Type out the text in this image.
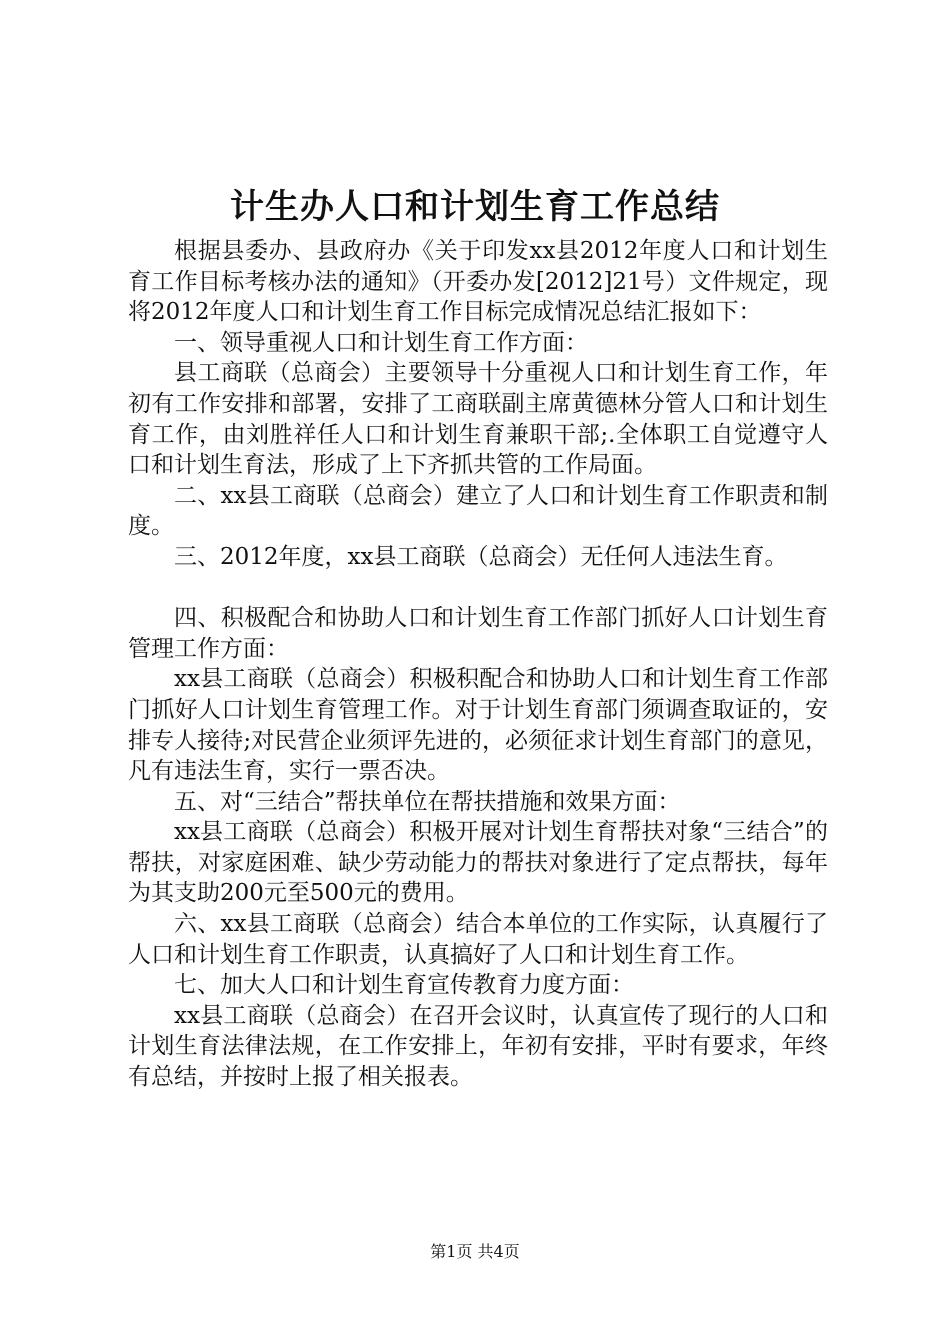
计生办人口和计划生育工作总结

根据县委办、县政府办《关于印发xx县2012年度人口和计划生育工作目标考核办法的通知》（开委办发[2012]21号）文件规定，现将2012年度人口和计划生育工作目标完成情况总结汇报如下：

一、领导重视人口和计划生育工作方面：

县工商联（总商会）主要领导十分重视人口和计划生育工作，年初有工作安排和部署，安排了工商联副主席黄德林分管人口和计划生育工作，由刘胜祥任人口和计划生育兼职干部;.全体职工自觉遵守人口和计划生育法，形成了上下齐抓共管的工作局面。

二、xx县工商联（总商会）建立了人口和计划生育工作职责和制度。

三、2012年度，xx县工商联（总商会）无任何人违法生育。

四、积极配合和协助人口和计划生育工作部门抓好人口计划生育管理工作方面：

xx县工商联（总商会）积极积配合和协助人口和计划生育工作部门抓好人口计划生育管理工作。对于计划生育部门须调查取证的，安排专人接待;对民营企业须评先进的，必须征求计划生育部门的意见，凡有违法生育，实行一票否决。

五、对“三结合”帮扶单位在帮扶措施和效果方面：

xx县工商联（总商会）积极开展对计划生育帮扶对象“三结合”的帮扶，对家庭困难、缺少劳动能力的帮扶对象进行了定点帮扶，每年为其支助200元至500元的费用。

六、xx县工商联（总商会）结合本单位的工作实际，认真履行了人口和计划生育工作职责，认真搞好了人口和计划生育工作。

七、加大人口和计划生育宣传教育力度方面：

xx县工商联（总商会）在召开会议时，认真宣传了现行的人口和计划生育法律法规，在工作安排上，年初有安排，平时有要求，年终有总结，并按时上报了相关报表。

第1页 共4页
